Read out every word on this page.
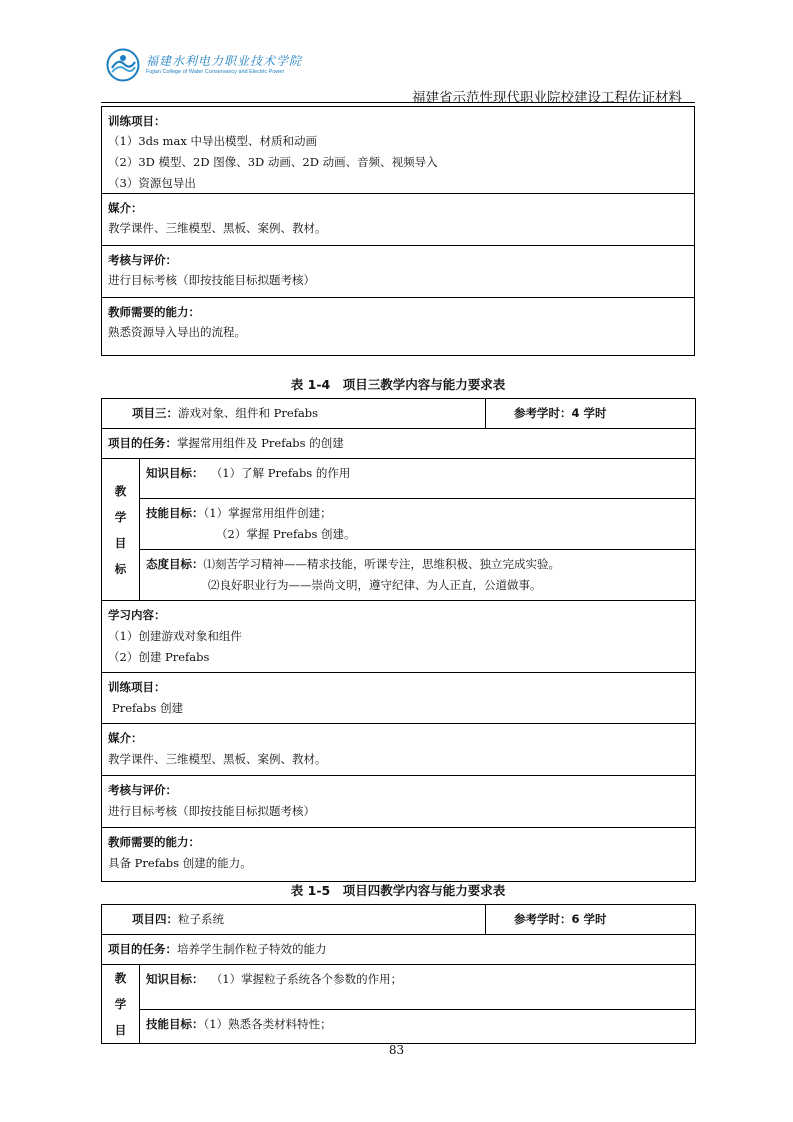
福建水利电力职业技术学院
Fujian College of Water Conservancy and Electric Power
福建省示范性现代职业院校建设工程佐证材料
训练项目：
（1）3ds max 中导出模型、材质和动画
（2）3D 模型、2D 图像、3D 动画、2D 动画、音频、视频导入
（3）资源包导出
媒介：
教学课件、三维模型、黑板、案例、教材。
考核与评价：
进行目标考核（即按技能目标拟题考核）
教师需要的能力：
熟悉资源导入导出的流程。
表 1-4　项目三教学内容与能力要求表
项目三：游戏对象、组件和 Prefabs		参考学时：4 学时
项目的任务：掌握常用组件及 Prefabs 的创建		

教
学
目
标	知识目标： （1）了解 Prefabs 的作用	

	技能目标：（1）掌握常用组件创建；
（2）掌握 Prefabs 创建。	

	态度目标：⑴刻苦学习精神——精求技能，听课专注，思维积极、独立完成实验。
⑵良好职业行为——崇尚文明，遵守纪律、为人正直，公道做事。	

学习内容：
（1）创建游戏对象和组件
（2）创建 Prefabs		

训练项目：
Prefabs 创建		

媒介：
教学课件、三维模型、黑板、案例、教材。		

考核与评价：
进行目标考核（即按技能目标拟题考核）		

教师需要的能力：
具备 Prefabs 创建的能力。		
表 1-5　项目四教学内容与能力要求表
项目四：粒子系统		参考学时：6 学时
项目的任务：培养学生制作粒子特效的能力		

教
学
目	知识目标： （1）掌握粒子系统各个参数的作用；	
	技能目标：（1）熟悉各类材料特性；	
83
